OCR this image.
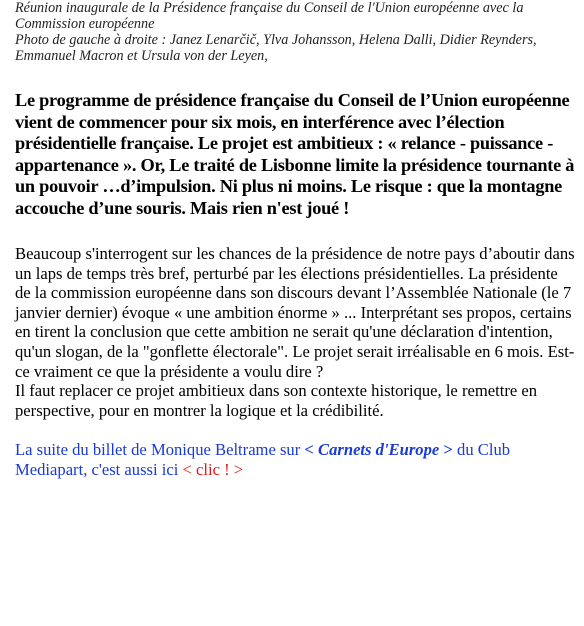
Réunion inaugurale de la Présidence française du Conseil de l'Union européenne avec la Commission européenne

Photo de gauche à droite : Janez Lenarčič, Ylva Johansson, Helena Dalli, Didier Reynders, Emmanuel Macron et Ursula von der Leyen,

Le programme de présidence française du Conseil de l’Union européenne vient de commencer pour six mois, en interférence avec l’élection présidentielle française. Le projet est ambitieux : « relance - puissance - appartenance ». Or, Le traité de Lisbonne limite la présidence tournante à un pouvoir …d’impulsion. Ni plus ni moins. Le risque : que la montagne accouche d’une souris. Mais rien n'est joué !

Beaucoup s'interrogent sur les chances de la présidence de notre pays d’aboutir dans un laps de temps très bref, perturbé par les élections présidentielles. La présidente de la commission européenne dans son discours devant l’Assemblée Nationale (le 7 janvier dernier) évoque « une ambition énorme » ... Interprétant ses propos, certains en tirent la conclusion que cette ambition ne serait qu'une déclaration d'intention, qu'un slogan, de la "gonflette électorale". Le projet serait irréalisable en 6 mois. Est-ce vraiment ce que la présidente a voulu dire ?

Il faut replacer ce projet ambitieux dans son contexte historique, le remettre en perspective, pour en montrer la logique et la crédibilité.

La suite du billet de Monique Beltrame sur < Carnets d'Europe > du Club Mediapart, c'est aussi ici < clic ! >
